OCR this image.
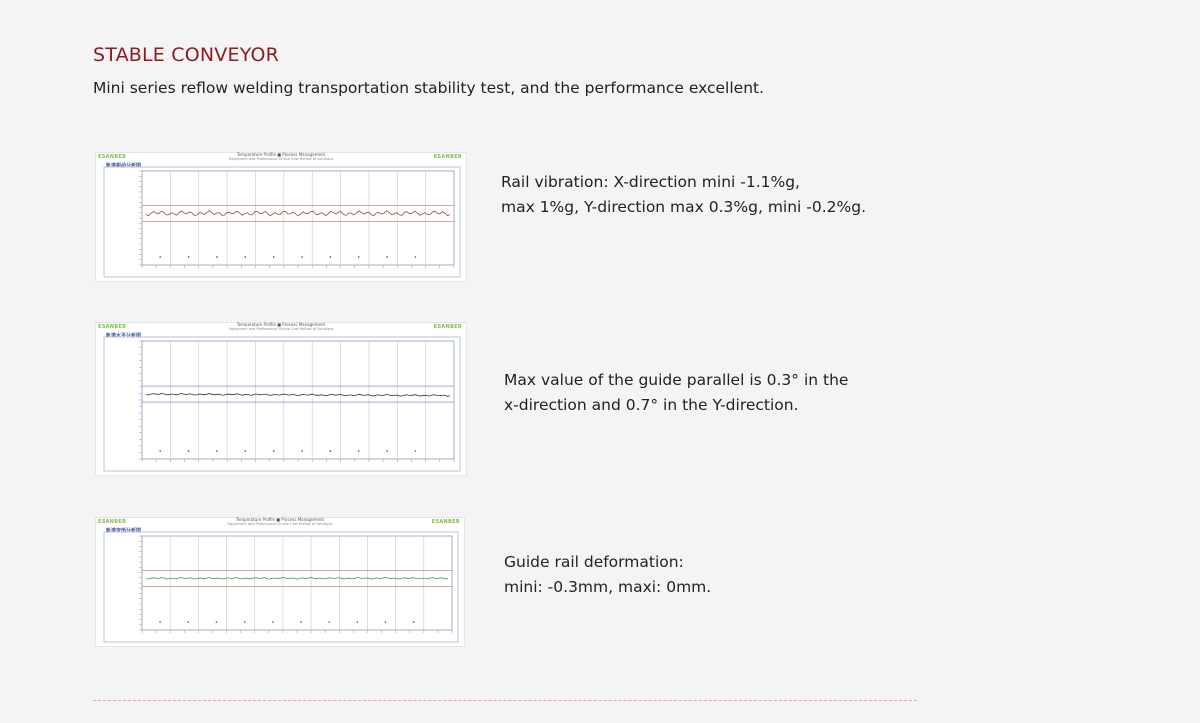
STABLE CONVEYOR
Mini series reflow welding transportation stability test, and the performance excellent.
ESANBER	Temperature Profile ■ Process Management
Equipment and Professional Online Cost Reflow of Solutions	ESANBER
轨道振动分析图
Rail vibration: X-direction mini -1.1%g,
max 1%g, Y-direction max 0.3%g, mini -0.2%g.
ESANBER	Temperature Profile ■ Process Management
Equipment and Professional Online Cost Reflow of Solutions	ESANBER
轨道水平分析图
Max value of the guide parallel is 0.3° in the
x-direction and 0.7° in the Y-direction.
ESANBER	Temperature Profile ■ Process Management
Equipment and Professional Online Cost Reflow of Solutions	ESANBER
轨道变形分析图
Guide rail deformation:
mini: -0.3mm, maxi: 0mm.
